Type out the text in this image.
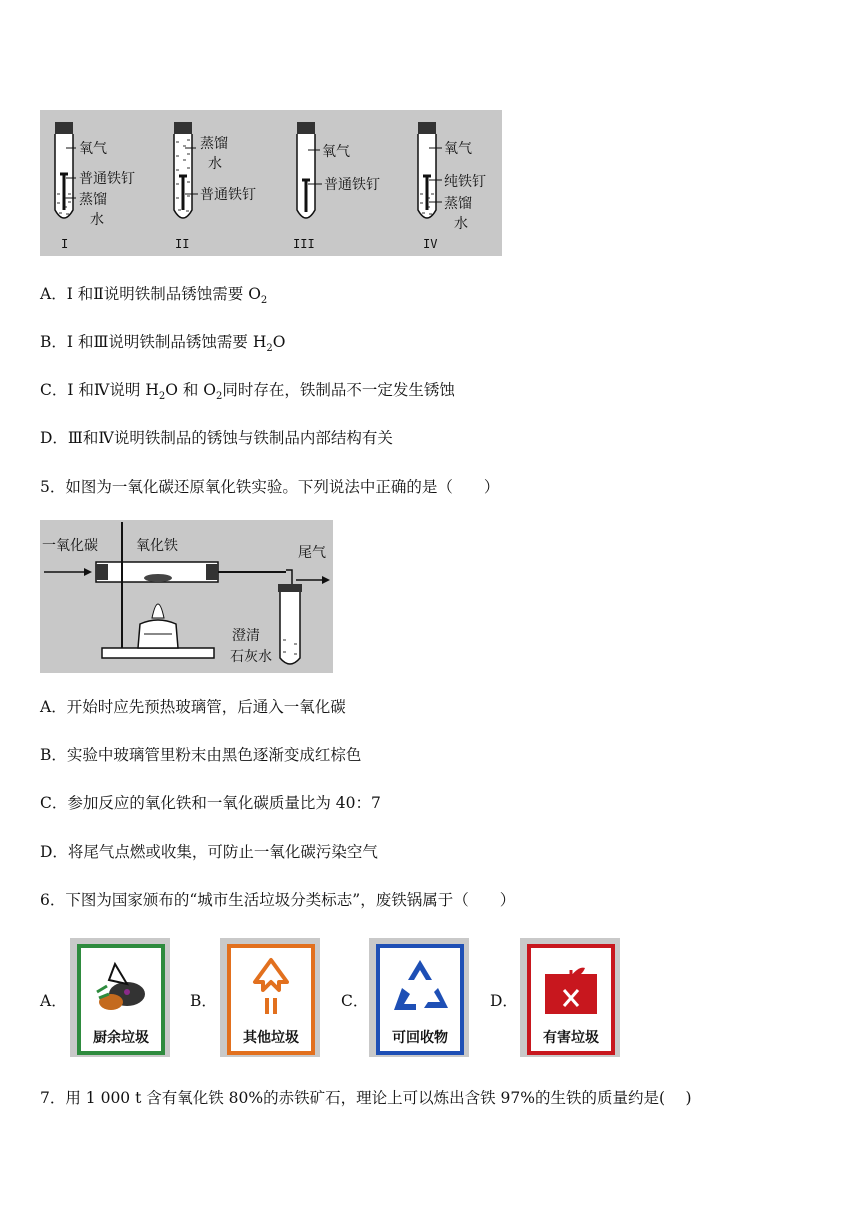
氧气
普通铁钉
蒸馏
水
I
蒸馏
水
普通铁钉
II
氧气
普通铁钉
III
氧气
纯铁钉
蒸馏
水
IV
A．I 和Ⅱ说明铁制品锈蚀需要 $O_2$
B．I 和Ⅲ说明铁制品锈蚀需要 $H_2O$
C．I 和Ⅳ说明 $H_2O$ 和 $O_2$同时存在，铁制品不一定发生锈蚀
D．Ⅲ和Ⅳ说明铁制品的锈蚀与铁制品内部结构有关
5．如图为一氧化碳还原氧化铁实验。下列说法中正确的是（　　）
一氧化碳	氧化铁	尾气
澄清
石灰水
A．开始时应先预热玻璃管，后通入一氧化碳
B．实验中玻璃管里粉末由黑色逐渐变成红棕色
C．参加反应的氧化铁和一氧化碳质量比为 40：7
D．将尾气点燃或收集，可防止一氧化碳污染空气
6．下图为国家颁布的“城市生活垃圾分类标志”，废铁锅属于（　　）
A．
厨余垃圾
B．
其他垃圾
C．
可回收物
D．
有害垃圾
7．用 1 000 t 含有氧化铁 80%的赤铁矿石，理论上可以炼出含铁 97%的生铁的质量约是(　 )
